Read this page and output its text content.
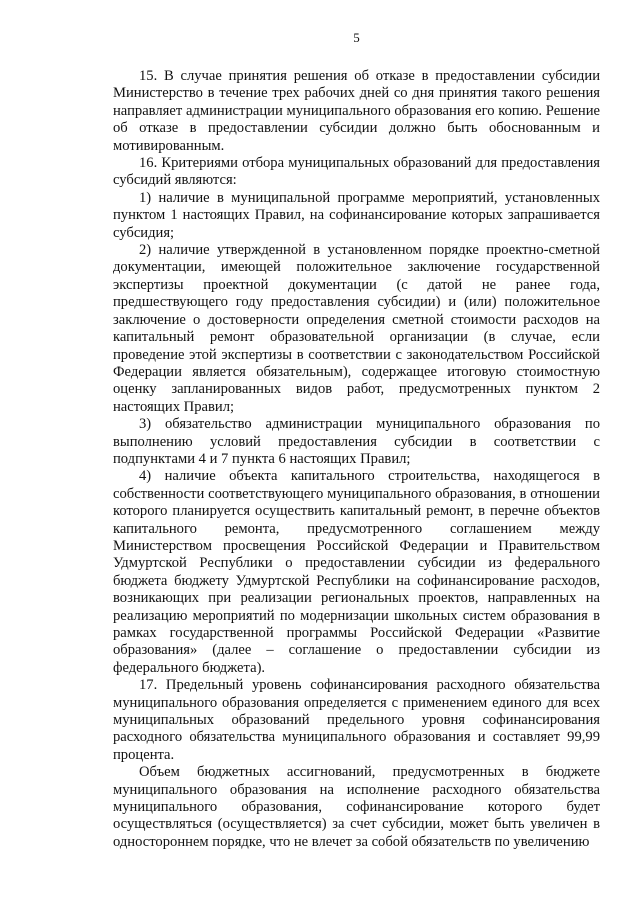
5

15. В случае принятия решения об отказе в предоставлении субсидии Министерство в течение трех рабочих дней со дня принятия такого решения направляет администрации муниципального образования его копию. Решение об отказе в предоставлении субсидии должно быть обоснованным и мотивированным.

16. Критериями отбора муниципальных образований для предоставления субсидий являются:

1) наличие в муниципальной программе мероприятий, установленных пунктом 1 настоящих Правил, на софинансирование которых запрашивается субсидия;

2) наличие утвержденной в установленном порядке проектно-сметной документации, имеющей положительное заключение государственной экспертизы проектной документации (с датой не ранее года, предшествующего году предоставления субсидии) и (или) положительное заключение о достоверности определения сметной стоимости расходов на капитальный ремонт образовательной организации (в случае, если проведение этой экспертизы в соответствии с законодательством Российской Федерации является обязательным), содержащее итоговую стоимостную оценку запланированных видов работ, предусмотренных пунктом 2 настоящих Правил;

3) обязательство администрации муниципального образования по выполнению условий предоставления субсидии в соответствии с подпунктами 4 и 7 пункта 6 настоящих Правил;

4) наличие объекта капитального строительства, находящегося в собственности соответствующего муниципального образования, в отношении которого планируется осуществить капитальный ремонт, в перечне объектов капитального ремонта, предусмотренного соглашением между Министерством просвещения Российской Федерации и Правительством Удмуртской Республики о предоставлении субсидии из федерального бюджета бюджету Удмуртской Республики на софинансирование расходов, возникающих при реализации региональных проектов, направленных на реализацию мероприятий по модернизации школьных систем образования в рамках государственной программы Российской Федерации «Развитие образования» (далее – соглашение о предоставлении субсидии из федерального бюджета).

17. Предельный уровень софинансирования расходного обязательства муниципального образования определяется с применением единого для всех муниципальных образований предельного уровня софинансирования расходного обязательства муниципального образования и составляет 99,99 процента.

Объем бюджетных ассигнований, предусмотренных в бюджете муниципального образования на исполнение расходного обязательства муниципального образования, софинансирование которого будет осуществляться (осуществляется) за счет субсидии, может быть увеличен в одностороннем порядке, что не влечет за собой обязательств по увеличению
